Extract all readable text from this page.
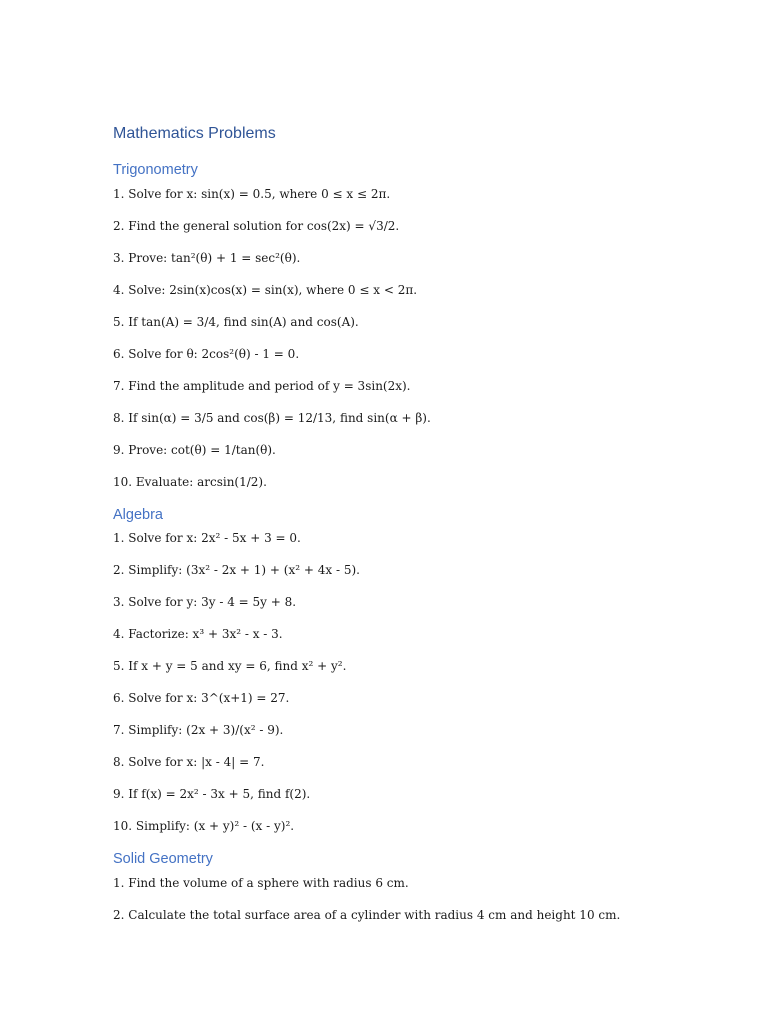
Mathematics Problems
Trigonometry
1. Solve for x: sin(x) = 0.5, where 0 ≤ x ≤ 2π.
2. Find the general solution for cos(2x) = √3/2.
3. Prove: tan²(θ) + 1 = sec²(θ).
4. Solve: 2sin(x)cos(x) = sin(x), where 0 ≤ x < 2π.
5. If tan(A) = 3/4, find sin(A) and cos(A).
6. Solve for θ: 2cos²(θ) - 1 = 0.
7. Find the amplitude and period of y = 3sin(2x).
8. If sin(α) = 3/5 and cos(β) = 12/13, find sin(α + β).
9. Prove: cot(θ) = 1/tan(θ).
10. Evaluate: arcsin(1/2).
Algebra
1. Solve for x: 2x² - 5x + 3 = 0.
2. Simplify: (3x² - 2x + 1) + (x² + 4x - 5).
3. Solve for y: 3y - 4 = 5y + 8.
4. Factorize: x³ + 3x² - x - 3.
5. If x + y = 5 and xy = 6, find x² + y².
6. Solve for x: 3^(x+1) = 27.
7. Simplify: (2x + 3)/(x² - 9).
8. Solve for x: |x - 4| = 7.
9. If f(x) = 2x² - 3x + 5, find f(2).
10. Simplify: (x + y)² - (x - y)².
Solid Geometry
1. Find the volume of a sphere with radius 6 cm.
2. Calculate the total surface area of a cylinder with radius 4 cm and height 10 cm.
